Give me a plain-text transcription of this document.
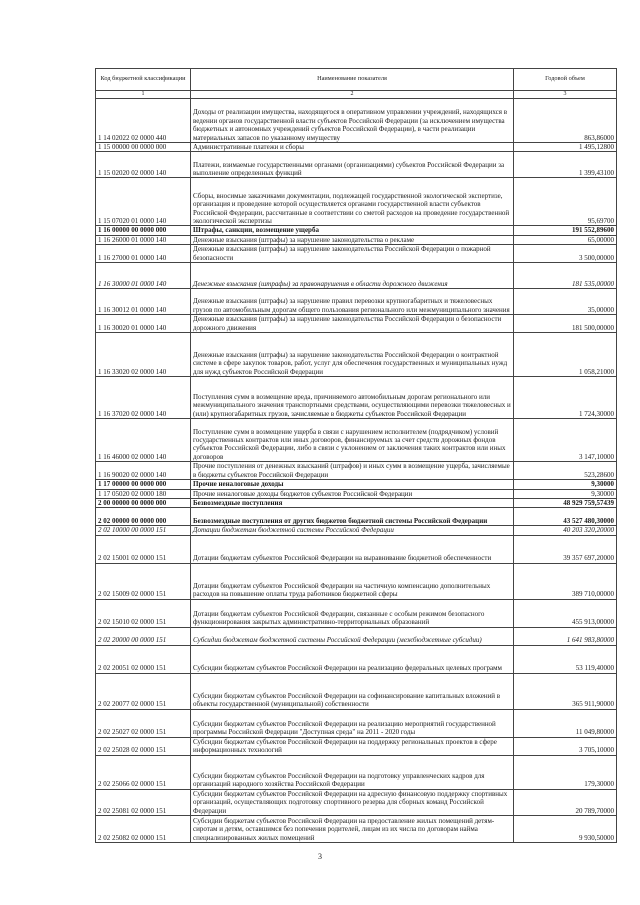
Код бюджетной классификации	Наименование показателя	Годовой объем
1	2	3
1 14 02022 02 0000 440	Доходы от реализации имущества, находящегося в оперативном управлении учреждений, находящихся в ведении органов государственной власти субъектов Российской Федерации (за исключением имущества бюджетных и автономных учреждений субъектов Российской Федерации), в части реализации материальных запасов по указанному имуществу	863,86000
1 15 00000 00 0000 000	Административные платежи и сборы	1 495,12800
1 15 02020 02 0000 140	Платежи, взимаемые государственными органами (организациями) субъектов Российской Федерации за выполнение определенных функций	1 399,43100
1 15 07020 01 0000 140	Сборы, вносимые заказчиками документации, подлежащей государственной экологической экспертизе, организация и проведение которой осуществляется органами государственной власти субъектов Российской Федерации, рассчитанные в соответствии со сметой расходов на проведение государственной экологической экспертизы	95,69700
1 16 00000 00 0000 000	Штрафы, санкции, возмещение ущерба	191 552,89600
1 16 26000 01 0000 140	Денежные взыскания (штрафы) за нарушение законодательства о рекламе	65,00000
1 16 27000 01 0000 140	Денежные взыскания (штрафы) за нарушение законодательства Российской Федерации о пожарной безопасности	3 500,00000
1 16 30000 01 0000 140	Денежные взыскания (штрафы) за правонарушения в области дорожного движения	181 535,00000
1 16 30012 01 0000 140	Денежные взыскания (штрафы) за нарушение правил перевозки крупногабаритных и тяжеловесных грузов по автомобильным дорогам общего пользования регионального или межмуниципального значения	35,00000
1 16 30020 01 0000 140	Денежные взыскания (штрафы) за нарушение законодательства Российской Федерации о безопасности дорожного движения	181 500,00000
1 16 33020 02 0000 140	Денежные взыскания (штрафы) за нарушение законодательства Российской Федерации о контрактной системе в сфере закупок товаров, работ, услуг для обеспечения государственных и муниципальных нужд для нужд субъектов Российской Федерации	1 058,21000
1 16 37020 02 0000 140	Поступления сумм в возмещение вреда, причиняемого автомобильным дорогам регионального или межмуниципального значения транспортными средствами, осуществляющими перевозки тяжеловесных и (или) крупногабаритных грузов, зачисляемые в бюджеты субъектов Российской Федерации	1 724,30000
1 16 46000 02 0000 140	Поступление сумм в возмещение ущерба в связи с нарушением исполнителем (подрядчиком) условий государственных контрактов или иных договоров, финансируемых за счет средств дорожных фондов субъектов Российской Федерации, либо в связи с уклонением от заключения таких контрактов или иных договоров	3 147,10000
1 16 90020 02 0000 140	Прочие поступления от денежных взысканий (штрафов) и иных сумм в возмещение ущерба, зачисляемые в бюджеты субъектов Российской Федерации	523,28600
1 17 00000 00 0000 000	Прочие неналоговые доходы	9,30000
1 17 05020 02 0000 180	Прочие неналоговые доходы бюджетов субъектов Российской Федерации	9,30000
2 00 00000 00 0000 000	Безвозмездные поступления	48 929 759,57439
2 02 00000 00 0000 000	Безвозмездные поступления от других бюджетов бюджетной системы Российской Федерации	43 527 480,30000
2 02 10000 00 0000 151	Дотации бюджетам бюджетной системы Российской Федерации	40 203 320,20000
2 02 15001 02 0000 151	Дотации бюджетам субъектов Российской Федерации на выравнивание бюджетной обеспеченности	39 357 697,20000
2 02 15009 02 0000 151	Дотации бюджетам субъектов Российской Федерации на частичную компенсацию дополнительных расходов на повышение оплаты труда работников бюджетной сферы	389 710,00000
2 02 15010 02 0000 151	Дотации бюджетам субъектов Российской Федерации, связанные с особым режимом безопасного функционирования закрытых административно-территориальных образований	455 913,00000
2 02 20000 00 0000 151	Субсидии бюджетам бюджетной системы Российской Федерации (межбюджетные субсидии)	1 641 983,80000
2 02 20051 02 0000 151	Субсидии бюджетам субъектов Российской Федерации на реализацию федеральных целевых программ	53 119,40000
2 02 20077 02 0000 151	Субсидии бюджетам субъектов Российской Федерации на софинансирование капитальных вложений в объекты государственной (муниципальной) собственности	365 911,90000
2 02 25027 02 0000 151	Субсидии бюджетам субъектов Российской Федерации на реализацию мероприятий государственной программы Российской Федерации "Доступная среда" на 2011 - 2020 годы	11 049,80000
2 02 25028 02 0000 151	Субсидии бюджетам субъектов Российской Федерации на поддержку региональных проектов в сфере информационных технологий	3 705,10000
2 02 25066 02 0000 151	Субсидии бюджетам субъектов Российской Федерации на подготовку управленческих кадров для организаций народного хозяйства Российской Федерации	179,30000
2 02 25081 02 0000 151	Субсидии бюджетам субъектов Российской Федерации на адресную финансовую поддержку спортивных организаций, осуществляющих подготовку спортивного резерва для сборных команд Российской Федерации	20 789,70000
2 02 25082 02 0000 151	Субсидии бюджетам субъектов Российской Федерации на предоставление жилых помещений детям-сиротам и детям, оставшимся без попечения родителей, лицам из их числа по договорам найма специализированных жилых помещений	9 930,50000
3
